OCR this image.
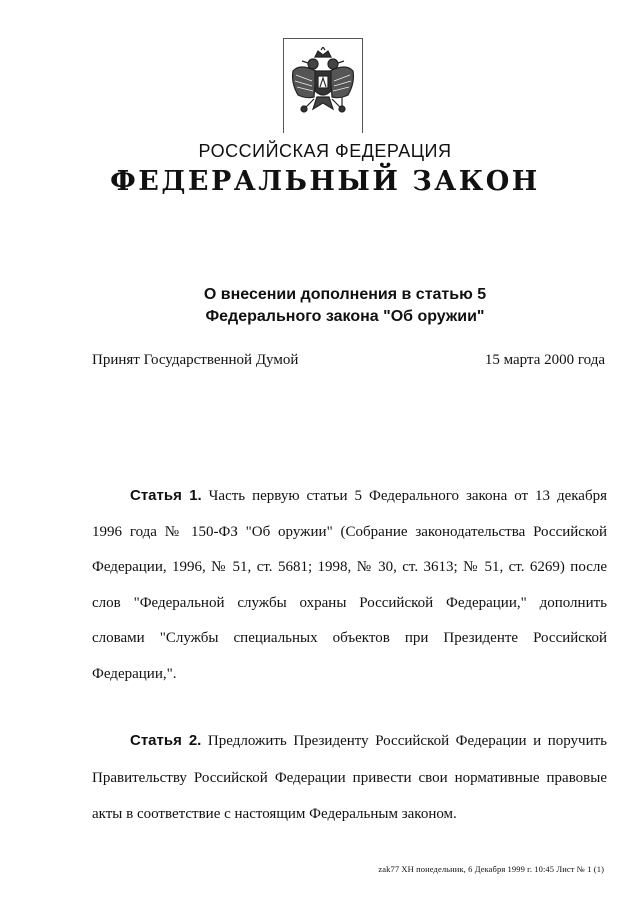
РОССИЙСКАЯ ФЕДЕРАЦИЯ
ФЕДЕРАЛЬНЫЙ ЗАКОН
О внесении дополнения в статью 5
Федерального закона "Об оружии"
Принят Государственной Думой	15 марта 2000 года
Статья 1. Часть первую статьи 5 Федерального закона от 13 декабря 1996 года № 150-ФЗ "Об оружии" (Собрание законодательства Российской Федерации, 1996, № 51, ст. 5681; 1998, № 30, ст. 3613; № 51, ст. 6269) после слов "Федеральной службы охраны Российской Федерации," дополнить словами "Службы специальных объектов при Президенте Российской Федерации,".
Статья 2. Предложить Президенту Российской Федерации и поручить Правительству Российской Федерации привести свои нормативные правовые акты в соответствие с настоящим Федеральным законом.
zak77 XH понедельник, 6 Декабря 1999 г. 10:45 Лист № 1 (1)
